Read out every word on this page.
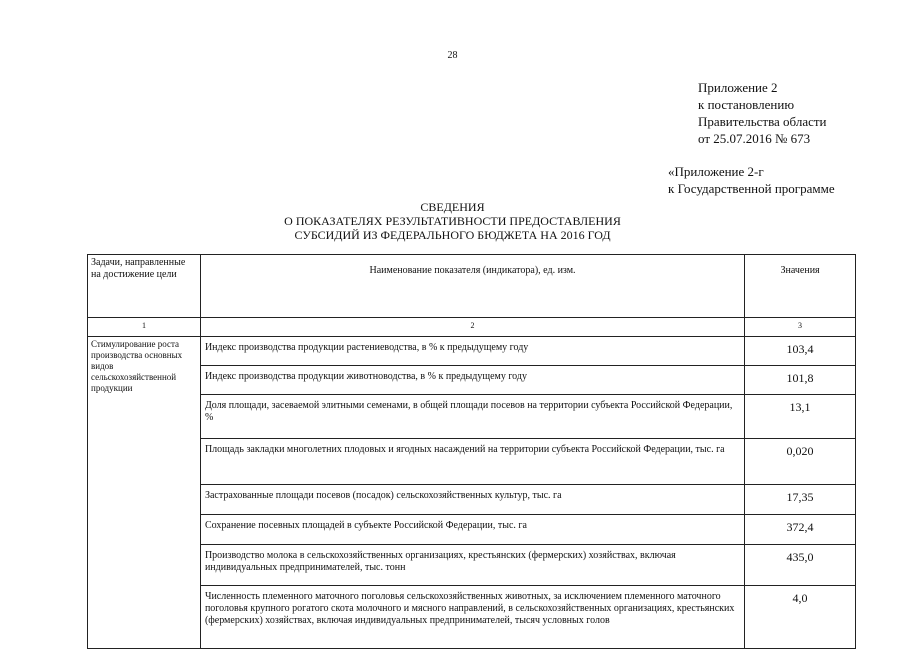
28
Приложение 2
к постановлению
Правительства области
от 25.07.2016 № 673
«Приложение 2-г
к Государственной программе
СВЕДЕНИЯ
О ПОКАЗАТЕЛЯХ РЕЗУЛЬТАТИВНОСТИ ПРЕДОСТАВЛЕНИЯ
СУБСИДИЙ ИЗ ФЕДЕРАЛЬНОГО БЮДЖЕТА НА 2016 ГОД
Задачи, направленные на достижение цели	Наименование показателя (индикатора), ед. изм.	Значения
1	2	3
Стимулирование роста производства основных видов сельскохозяйственной продукции	Индекс производства продукции растениеводства, в % к предыдущему году	103,4
	Индекс производства продукции животноводства, в % к предыдущему году	101,8
	Доля площади, засеваемой элитными семенами, в общей площади посевов на территории субъекта Российской Федерации, %	13,1
	Площадь закладки многолетних плодовых и ягодных насаждений на территории субъекта Российской Федерации, тыс. га	0,020
	Застрахованные площади посевов (посадок) сельскохозяйственных культур, тыс. га	17,35
	Сохранение посевных площадей в субъекте Российской Федерации, тыс. га	372,4
	Производство молока в сельскохозяйственных организациях, крестьянских (фермерских) хозяйствах, включая индивидуальных предпринимателей, тыс. тонн	435,0
	Численность племенного маточного поголовья сельскохозяйственных животных, за исключением племенного маточного поголовья крупного рогатого скота молочного и мясного направлений, в сельскохозяйственных организациях, крестьянских (фермерских) хозяйствах, включая индивидуальных предпринимателей, тысяч условных голов	4,0
